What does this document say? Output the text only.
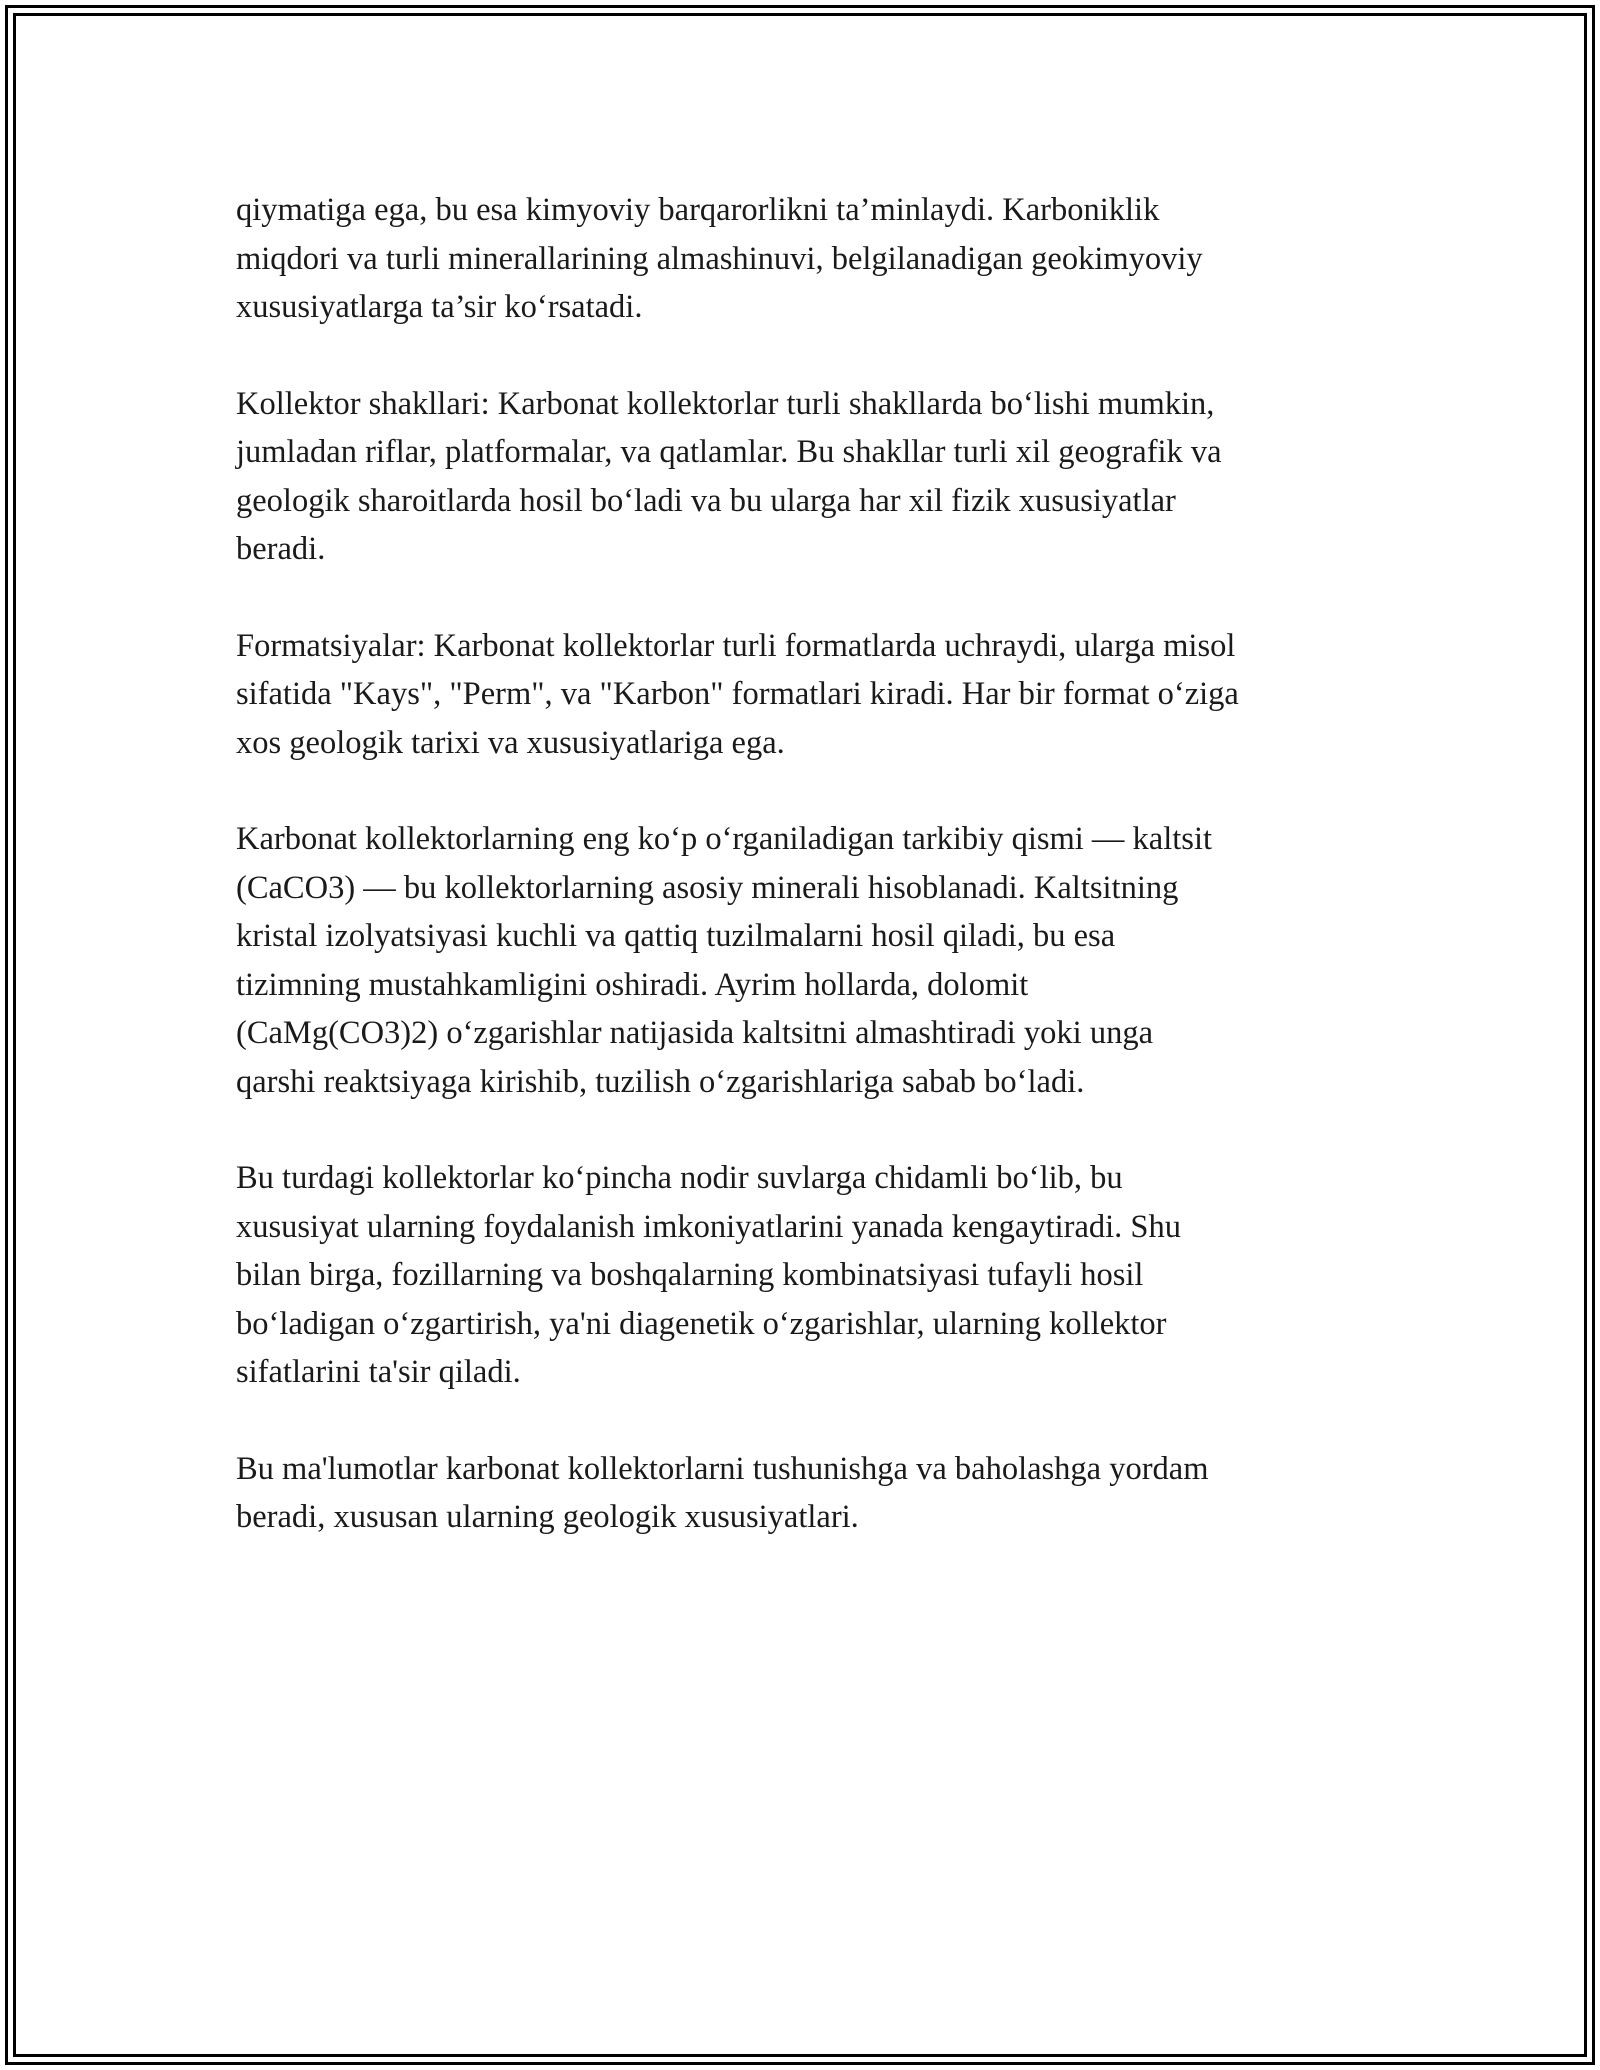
qiymatiga ega, bu esa kimyoviy barqarorlikni ta’minlaydi. Karboniklik
miqdori va turli minerallarining almashinuvi, belgilanadigan geokimyoviy
xususiyatlarga ta’sir ko‘rsatadi.

Kollektor shakllari: Karbonat kollektorlar turli shakllarda bo‘lishi mumkin,
jumladan riflar, platformalar, va qatlamlar. Bu shakllar turli xil geografik va
geologik sharoitlarda hosil bo‘ladi va bu ularga har xil fizik xususiyatlar
beradi.

Formatsiyalar: Karbonat kollektorlar turli formatlarda uchraydi, ularga misol
sifatida "Kays", "Perm", va "Karbon" formatlari kiradi. Har bir format o‘ziga
xos geologik tarixi va xususiyatlariga ega.

Karbonat kollektorlarning eng ko‘p o‘rganiladigan tarkibiy qismi — kaltsit
(CaCO3) — bu kollektorlarning asosiy minerali hisoblanadi. Kaltsitning
kristal izolyatsiyasi kuchli va qattiq tuzilmalarni hosil qiladi, bu esa
tizimning mustahkamligini oshiradi. Ayrim hollarda, dolomit
(CaMg(CO3)2) o‘zgarishlar natijasida kaltsitni almashtiradi yoki unga
qarshi reaktsiyaga kirishib, tuzilish o‘zgarishlariga sabab bo‘ladi.

Bu turdagi kollektorlar ko‘pincha nodir suvlarga chidamli bo‘lib, bu
xususiyat ularning foydalanish imkoniyatlarini yanada kengaytiradi. Shu
bilan birga, fozillarning va boshqalarning kombinatsiyasi tufayli hosil
bo‘ladigan o‘zgartirish, ya'ni diagenetik o‘zgarishlar, ularning kollektor
sifatlarini ta'sir qiladi.

Bu ma'lumotlar karbonat kollektorlarni tushunishga va baholashga yordam
beradi, xususan ularning geologik xususiyatlari.
